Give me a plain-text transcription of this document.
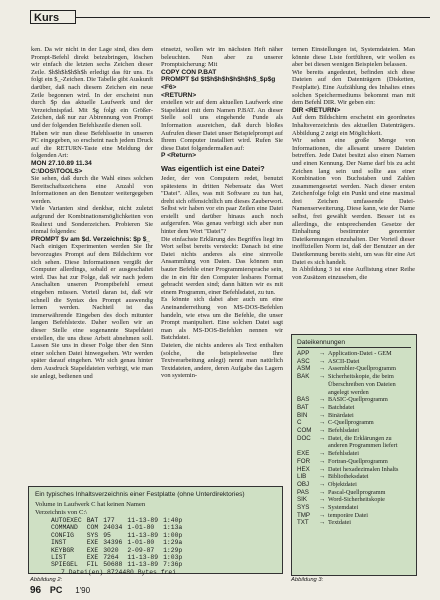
Kurs

ken. Da wir nicht in der Lage sind, dies dem Prompt-Befehl direkt beizubringen, löschen wir einfach die letzten sechs Zeichen dieser Zeile. $h$h$h$h$h$h erledigt das für uns. Es folgt ein $_-Zeichen. Die Tabelle gibt Auskunft darüber, daß nach diesem Zeichen ein neue Zeile begonnen wird. In der erscheint nun durch $p das aktuelle Laufwerk und der Verzeichnispfad. Mit $g folgt ein Größer-Zeichen, daß nur zur Abtrennung von Prompt und der folgenden Befehlszeile dienen soll.

Haben wir nun diese Befehlsseite in unseren PC eingegeben, so erscheint nach jedem Druck auf die RETURN-Taste eine Meldung der folgenden Art:

MON 27.10.89 11.34

C:\DOS\TOOLS>

Sie sehen, daß durch die Wahl eines solchen Bereitschaftszeichens eine Anzahl von Informationen an den Benutzer weitergegeben werden.

Viele Varianten sind denkbar, nicht zuletzt aufgrund der Kombinationsmöglichkeiten von Realtext und Sonderzeichen. Probieren Sie einmal folgendes:

PROMPT $v am $d. Verzeichnis: $p $_

Nach einigen Experimenten werden Sie Ihr bevorzugtes Prompt auf dem Bildschirm vor sich sehen. Diese Informationen vergißt der Computer allerdings, sobald er ausgeschaltet wird. Das hat zur Folge, daß wir nach jedem Anschalten unseren Promptbefehl erneut eingeben müssen. Vorteil daran ist, daß wir schnell die Syntax des Prompt auswendig lernen werden. Nachteil ist das immerwährende Eingeben des doch mitunter langen Befehlstexte. Daher wollen wir an dieser Stelle eine sogenannte Stapeldatei erstellen, die uns diese Arbeit abnehmen soll. Lassen Sie uns in dieser Folge über den Sinn einer solchen Datei hinwegsehen. Wir werden später darauf eingehen. Wir sich genau hinter dem Ausdruck Stapeldateien verbirgt, wie man sie anlegt, bedienen und

einsetzt, wollen wir im nächsten Heft näher beleuchten. Nun aber zu unserer Promptsicherung: Mit

COPY CON P.BAT

PROMPT $d $t$h$h$h$h$h$h$_$p$g

<F6>

<RETURN>

erstellen wir auf dem aktuellen Laufwerk eine Stapeldatei mit dem Namen P.BAT. An dieser Stelle soll uns eingehende Funde als Information ausreichen, daß durch bloßes Aufrufen dieser Datei unser Beispielprompt auf Ihrem Computer installiert wird. Rufen Sie diese Datei folgendermaßen auf:

P <Return>

Was eigentlich ist eine Datei?

Jeder, der von Computern redet, benutzt spätestens in dritten Nebensatz das Wort "Datei". Alles, was mit Software zu tun hat, dreht sich offensichtlich um dieses Zauberwort. Selbst wir haben vor ein paar Zeilen eine Datei erstellt und darüber hinaus auch noch aufgerufen. Was genau verbirgt sich aber nun hinter dem Wort "Datei"?

Die einfachste Erklärung des Begriffes liegt im Wort selbst bereits versteckt: Danach ist eine Datei nichts anderes als eine sinnvolle Ansammlung von Daten. Das können nun bauter Befehle einer Programmiersprache sein, die in ein für den Computer lesbares Format gebracht werden sind; dann hätten wir es mit einem Programm, einer Befehlsdatei, zu tun.

Es könnte sich dabei aber auch um eine Aneinanderreihung von MS-DOS-Befehlen handeln, wie etwa um die Befehle, die unser Prompt manipuliert. Eine solchen Datei sagt man als MS-DOS-Befehlen nennen wir Batchdatei.

Dateien, die nichts anderes als Text enthalten (solche, die beispielsweise Ihre Textverarbeitung anlegt) nennt man natürlich Textdateien, andere, deren Aufgabe das Lagern von systemin-

ternen Einstellungen ist, Systemdateien. Man könnte diese Liste fortführen, wir wollen es aber bei diesen wenigen Beispielen belassen.

Wie bereits angedeutet, befinden sich diese Dateien auf den Datenträgern (Disketten, Festplatte). Eine Aufzählung des Inhaltes eines solchen Speichermediums bekommt man mit dem Befehl DIR. Wir geben ein:

DIR <RETURN>

Auf dem Bildschirm erscheint ein geordnetes Inhaltsverzeichnis des aktuellen Datenträgers. Abbildung 2 zeigt ein Möglichkeit.

Wir sehen eine große Menge von Informationen, die allesamt unsere Dateien betreffen. Jede Datei besitzt also einen Namen und einen Kennung. Der Name darf bis zu acht Zeichen lang sein und sollte aus einer Kombination von Buchstaben und Zahlen zusammengesetzt werden. Nach dieser ersten Zeichenfolge folgt ein Punkt und eine maximal drei Zeichen umfassende Datei-Namenserweiterung. Diese kann, wie der Name selbst, frei gewählt werden. Besser ist es allerdings, die entsprechenden Gesetze der Einhaltung bestimmter genormter Dateikennungen einzuhalten. Der Vorteil dieser inoffiziellen Norm ist, daß der Benutzer an der Dateikennung bereits sieht, um was für eine Art Datei es sich handelt.

In Abbildung 3 ist eine Auflistung einer Reihe von Zusätzen einzusehen, die

Ein typisches Inhaltsverzeichnis einer Festplatte (ohne Unterdirektories)
Volume in Laufwerk C hat keinen Namen
Verzeichnis von C:\
AUTOEXEC	BAT	177	11-13-89	1:40p
COMMAND	COM	24034	1-01-80	1:13a
CONFIG	SYS	95	11-13-89	1:00p
INST	EXE	34396	1-01-80	1:29a
KEYBGR	EXE	3020	2-09-87	1:29p
LIST	EXE	7264	11-13-89	1:03p
SPIEGEL	FIL	50688	11-13-89	7:36p
7 Datei(en) 8724480 Bytes frei
Dateikennungen
APP	→ Application-Datei - GEM
ASC	→ ASCII-Datei
ASM	→ Assembler-Quellprogramm
BAK	→ Sicherheitskopie, die beim Überschreiben von Dateien angelegt werden
BAS	→ BASIC-Quellprogramm
BAT	→ Batchdatei
BIN	→ Binärdatei
C	→ C-Quellprogramm
COM	→ Befehlsdatei
DOC	→ Datei, die Erklärungen zu anderen Programmen liefert
EXE	→ Befehlsdatei
FOR	→ Fortran-Quellprogramm
HEX	→ Datei hexadezimalen Inhalts
LIB	→ Bibliotheksdatei
OBJ	→ Objektdatei
PAS	→ Pascal-Quellprogramm
SIK	→ Word-Sicherheitskopie
SYS	→ Systemdatei
TMP	→ temporäre Datei
TXT	→ Textdatei
Abbildung 2:	Abbildung 3:
96 PC 1'90
